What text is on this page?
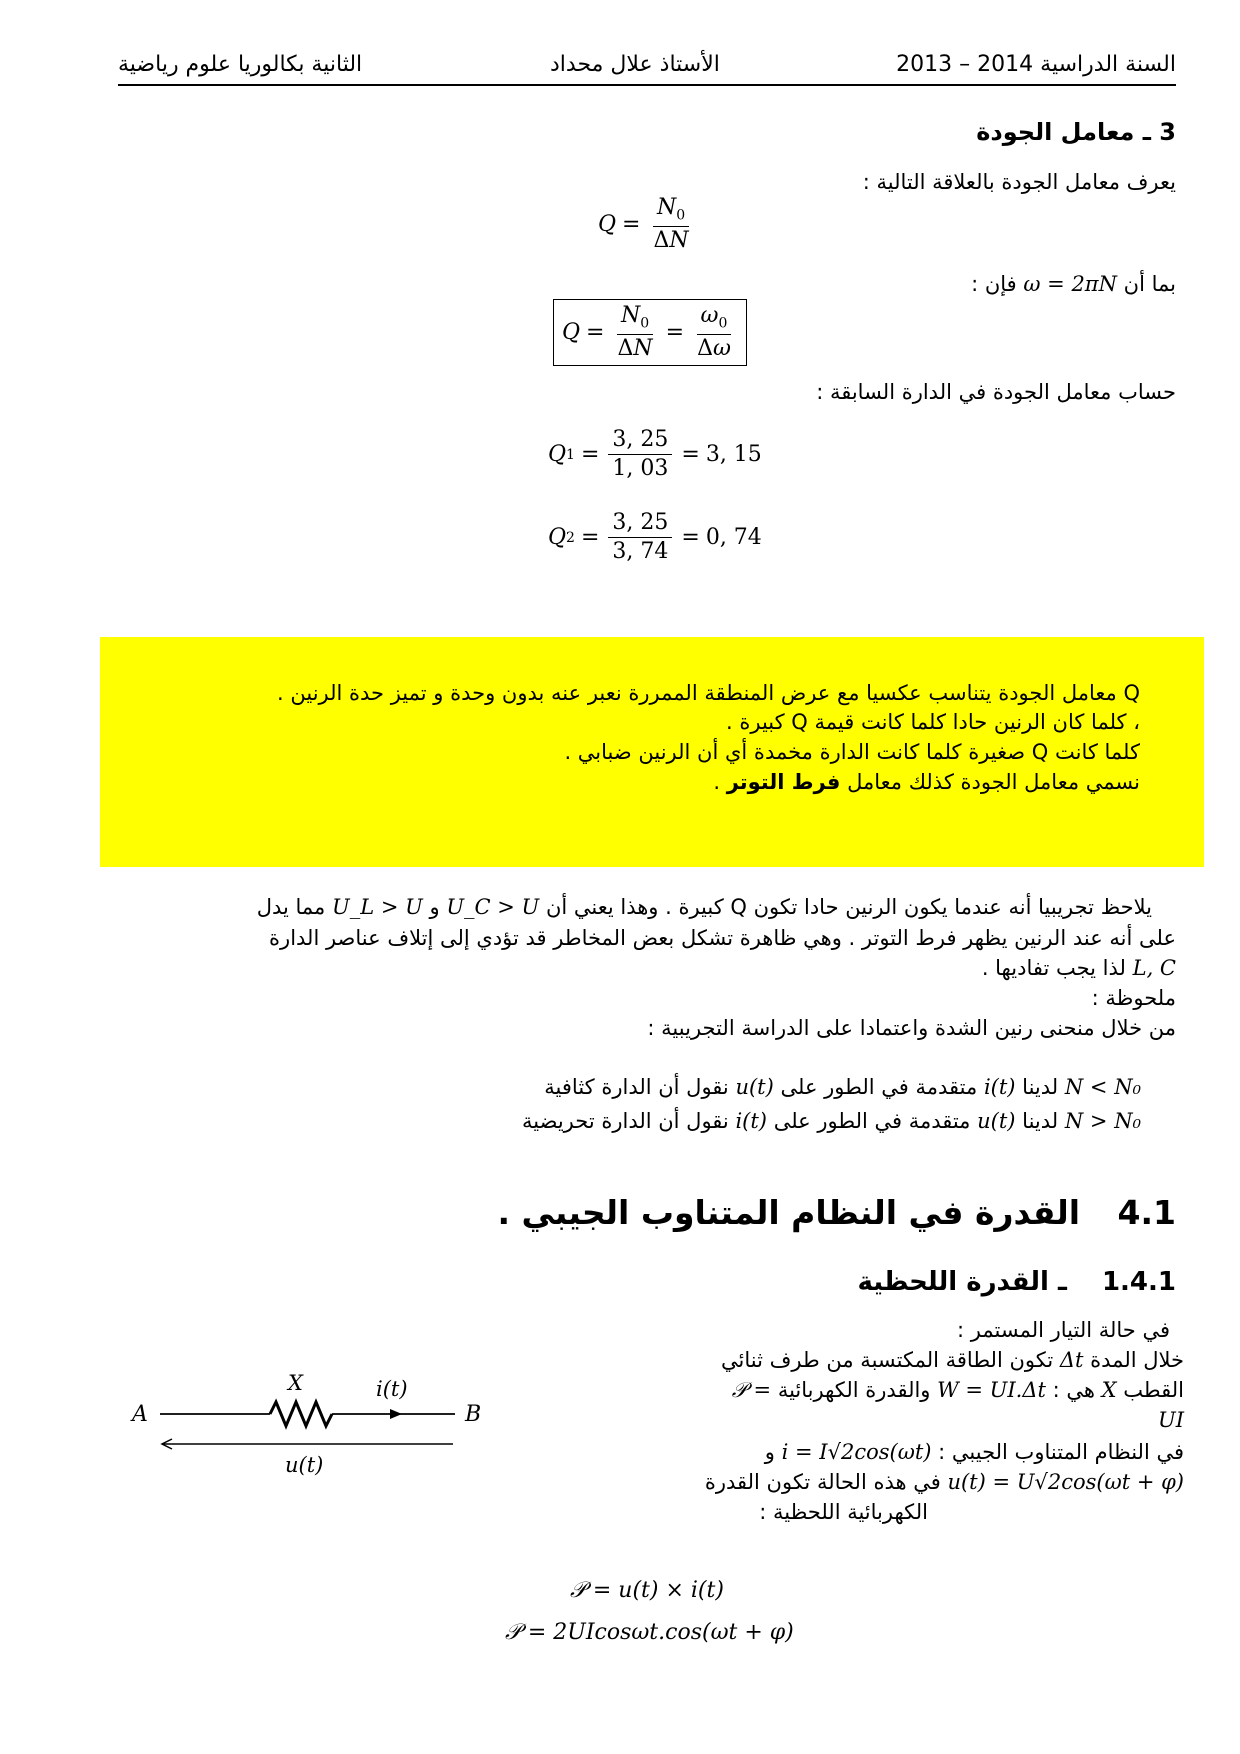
السنة الدراسية 2014 – 2013
الأستاذ علال محداد
الثانية بكالوريا علوم رياضية
3 ـ معامل الجودة
يعرف معامل الجودة بالعلاقة التالية :
$Q = \frac{N_0}{\Delta N}$
بما أن ω = 2πN فإن :
$Q = \frac{N_0}{\Delta N} = \frac{\omega_0}{\Delta\omega}$
حساب معامل الجودة في الدارة السابقة :
Q $1 = \frac{3, 25}{1, 03} = 3$, 15
Q $2 = \frac{3, 25}{3, 74} = 0$, 74
Q معامل الجودة يتناسب عكسيا مع عرض المنطقة الممررة نعبر عنه بدون وحدة و تميز حدة الرنين .
، كلما كان الرنين حادا كلما كانت قيمة Q كبيرة .
كلما كانت Q صغيرة كلما كانت الدارة مخمدة أي أن الرنين ضبابي .
نسمي معامل الجودة كذلك معامل فرط التوتر .
يلاحظ تجريبيا أنه عندما يكون الرنين حادا تكون Q كبيرة . وهذا يعني أن U_C > U و U_L > U مما يدل
على أنه عند الرنين يظهر فرط التوتر . وهي ظاهرة تشكل بعض المخاطر قد تؤدي إلى إتلاف عناصر الدارة
L, C لذا يجب تفاديها .
ملحوظة :
من خلال منحنى رنين الشدة واعتمادا على الدراسة التجريبية :
N < N₀ لدينا i(t) متقدمة في الطور على u(t) نقول أن الدارة كثافية
N > N₀ لدينا u(t) متقدمة في الطور على i(t) نقول أن الدارة تحريضية
4.1 القدرة في النظام المتناوب الجيبي .
1.4.1 ـ القدرة اللحظية
في حالة التيار المستمر :
خلال المدة Δt تكون الطاقة المكتسبة من طرف ثنائي
القطب X هي : W = UI.Δt والقدرة الكهربائية 𝒫 =
UI
في النظام المتناوب الجيبي : i = I√2cos(ωt) و
u(t) = U√2cos(ωt + φ) في هذه الحالة تكون القدرة
الكهربائية اللحظية :
A	B
X	i(t)
u(t)
𝒫 = u(t) × i(t)
𝒫 = 2UIcosωt.cos(ωt + φ)
